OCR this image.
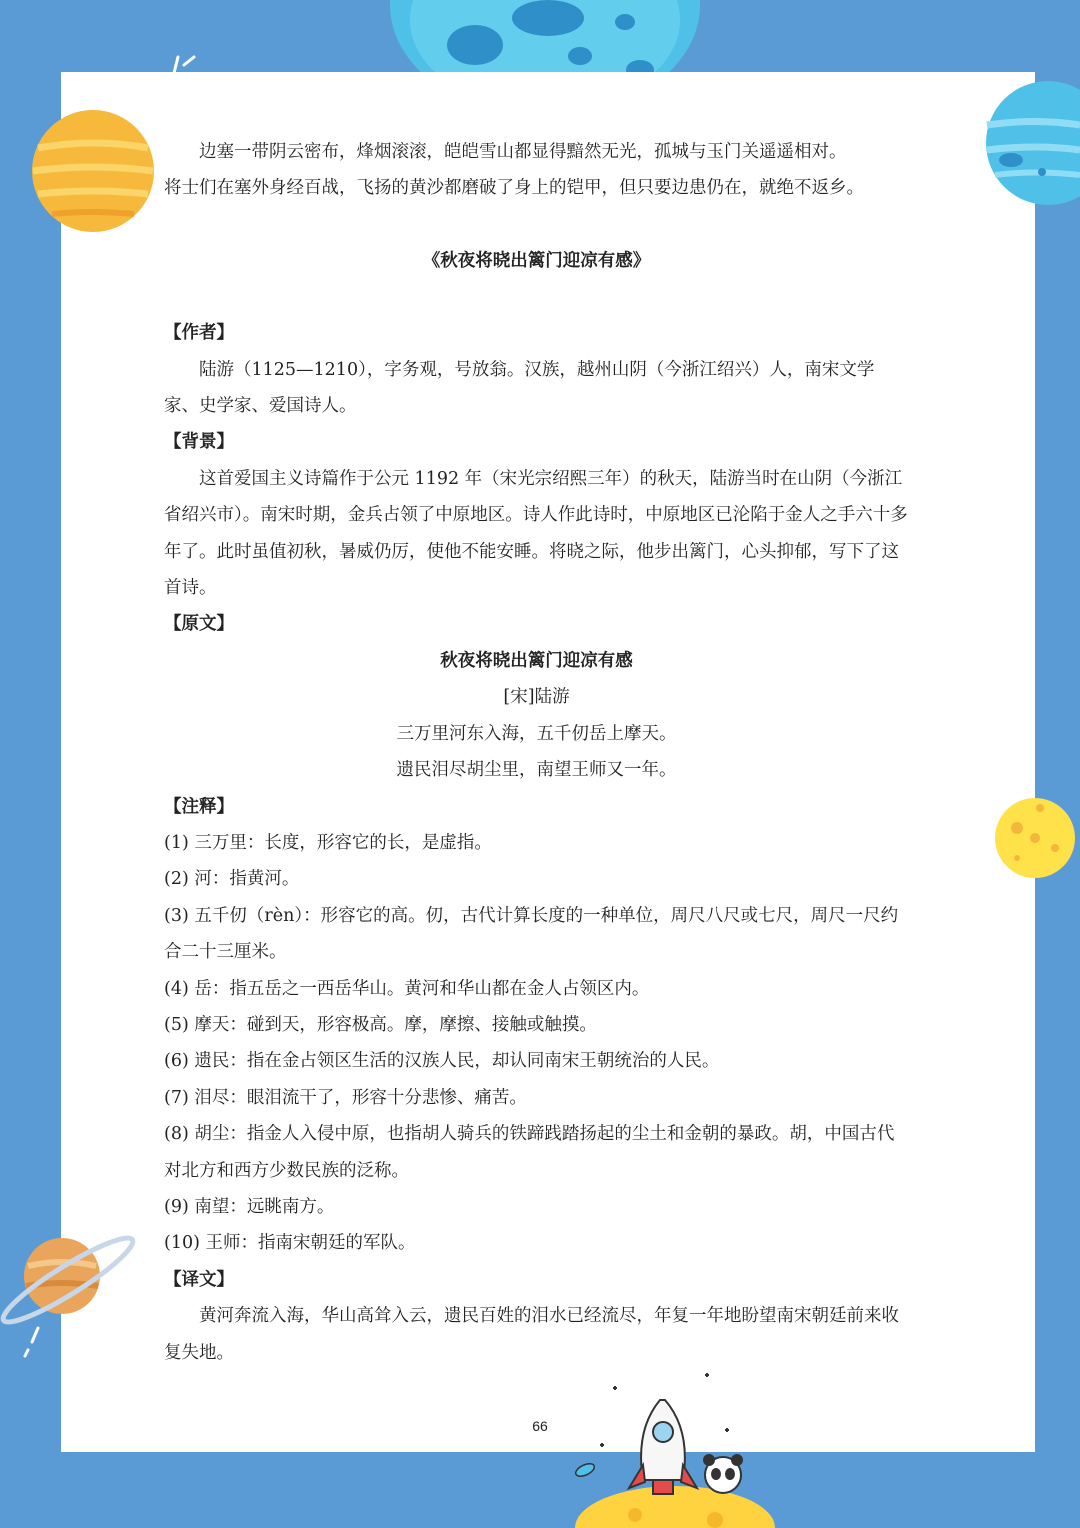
边塞一带阴云密布，烽烟滚滚，皑皑雪山都显得黯然无光，孤城与玉门关遥遥相对。

将士们在塞外身经百战，飞扬的黄沙都磨破了身上的铠甲，但只要边患仍在，就绝不返乡。

《秋夜将晓出篱门迎凉有感》

【作者】

陆游（1125—1210），字务观，号放翁。汉族，越州山阴（今浙江绍兴）人，南宋文学家、史学家、爱国诗人。

【背景】

这首爱国主义诗篇作于公元 1192 年（宋光宗绍熙三年）的秋天，陆游当时在山阴（今浙江省绍兴市）。南宋时期，金兵占领了中原地区。诗人作此诗时，中原地区已沦陷于金人之手六十多年了。此时虽值初秋，暑威仍厉，使他不能安睡。将晓之际，他步出篱门，心头抑郁，写下了这首诗。

【原文】

秋夜将晓出篱门迎凉有感

[宋]陆游

三万里河东入海，五千仞岳上摩天。

遗民泪尽胡尘里，南望王师又一年。

【注释】

(1) 三万里：长度，形容它的长，是虚指。

(2) 河：指黄河。

(3) 五千仞（rèn）：形容它的高。仞，古代计算长度的一种单位，周尺八尺或七尺，周尺一尺约合二十三厘米。

(4) 岳：指五岳之一西岳华山。黄河和华山都在金人占领区内。

(5) 摩天：碰到天，形容极高。摩，摩擦、接触或触摸。

(6) 遗民：指在金占领区生活的汉族人民，却认同南宋王朝统治的人民。

(7) 泪尽：眼泪流干了，形容十分悲惨、痛苦。

(8) 胡尘：指金人入侵中原，也指胡人骑兵的铁蹄践踏扬起的尘土和金朝的暴政。胡，中国古代对北方和西方少数民族的泛称。

(9) 南望：远眺南方。

(10) 王师：指南宋朝廷的军队。

【译文】

黄河奔流入海，华山高耸入云，遗民百姓的泪水已经流尽，年复一年地盼望南宋朝廷前来收复失地。

66
